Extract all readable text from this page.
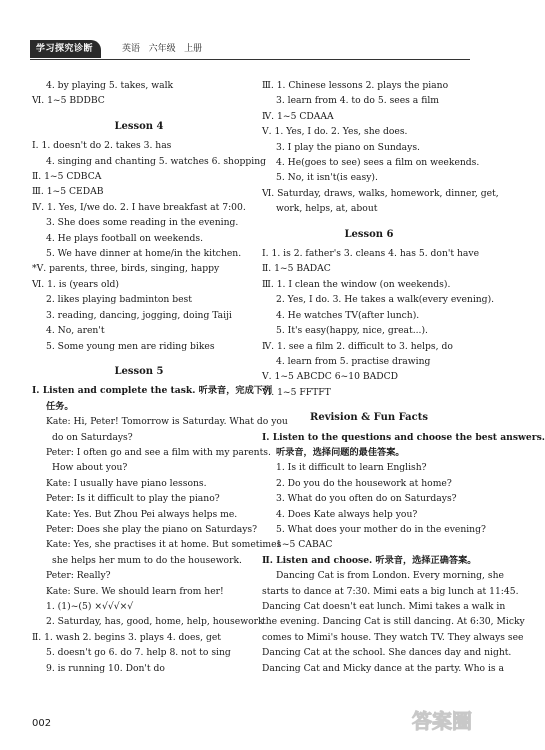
学习探究诊断	英语   六年级   上册
4. by playing 5. takes, walk
Ⅵ. 1~5 BDDBC
Lesson 4
Ⅰ. 1. doesn't do 2. takes 3. has
4. singing and chanting 5. watches 6. shopping
Ⅱ. 1~5 CDBCA
Ⅲ. 1~5 CEDAB
Ⅳ. 1. Yes, I/we do. 2. I have breakfast at 7:00.
3. She does some reading in the evening.
4. He plays football on weekends.
5. We have dinner at home/in the kitchen.
*Ⅴ. parents, three, birds, singing, happy
Ⅵ. 1. is (years old)
2. likes playing badminton best
3. reading, dancing, jogging, doing Taiji
4. No, aren't
5. Some young men are riding bikes
Lesson 5
Ⅰ. Listen and complete the task. 听录音，完成下列
任务。
Kate: Hi, Peter! Tomorrow is Saturday. What do you
do on Saturdays?
Peter: I often go and see a film with my parents.
How about you?
Kate: I usually have piano lessons.
Peter: Is it difficult to play the piano?
Kate: Yes. But Zhou Pei always helps me.
Peter: Does she play the piano on Saturdays?
Kate: Yes, she practises it at home. But sometimes
she helps her mum to do the housework.
Peter: Really?
Kate: Sure. We should learn from her!
1. (1)~(5) ×√√√×√
2. Saturday, has, good, home, help, housework
Ⅱ. 1. wash 2. begins 3. plays 4. does, get
5. doesn't go 6. do 7. help 8. not to sing
9. is running 10. Don't do
Ⅲ. 1. Chinese lessons 2. plays the piano
3. learn from 4. to do 5. sees a film
Ⅳ. 1~5 CDAAA
Ⅴ. 1. Yes, I do. 2. Yes, she does.
3. I play the piano on Sundays.
4. He(goes to see) sees a film on weekends.
5. No, it isn't(is easy).
Ⅵ. Saturday, draws, walks, homework, dinner, get,
work, helps, at, about
Lesson 6
Ⅰ. 1. is 2. father's 3. cleans 4. has 5. don't have
Ⅱ. 1~5 BADAC
Ⅲ. 1. I clean the window (on weekends).
2. Yes, I do. 3. He takes a walk(every evening).
4. He watches TV(after lunch).
5. It's easy(happy, nice, great...).
Ⅳ. 1. see a film 2. difficult to 3. helps, do
4. learn from 5. practise drawing
Ⅴ. 1~5 ABCDC 6~10 BADCD
Ⅵ. 1~5 FFTFT
Revision & Fun Facts
Ⅰ. Listen to the questions and choose the best answers.
听录音，选择问题的最佳答案。
1. Is it difficult to learn English?
2. Do you do the housework at home?
3. What do you often do on Saturdays?
4. Does Kate always help you?
5. What does your mother do in the evening?
1~5 CABAC
Ⅱ. Listen and choose. 听录音，选择正确答案。
Dancing Cat is from London. Every morning, she
starts to dance at 7:30. Mimi eats a big lunch at 11:45.
Dancing Cat doesn't eat lunch. Mimi takes a walk in
the evening. Dancing Cat is still dancing. At 6:30, Micky
comes to Mimi's house. They watch TV. They always see
Dancing Cat at the school. She dances day and night.
Dancing Cat and Micky dance at the party. Who is a
002	答案圈
